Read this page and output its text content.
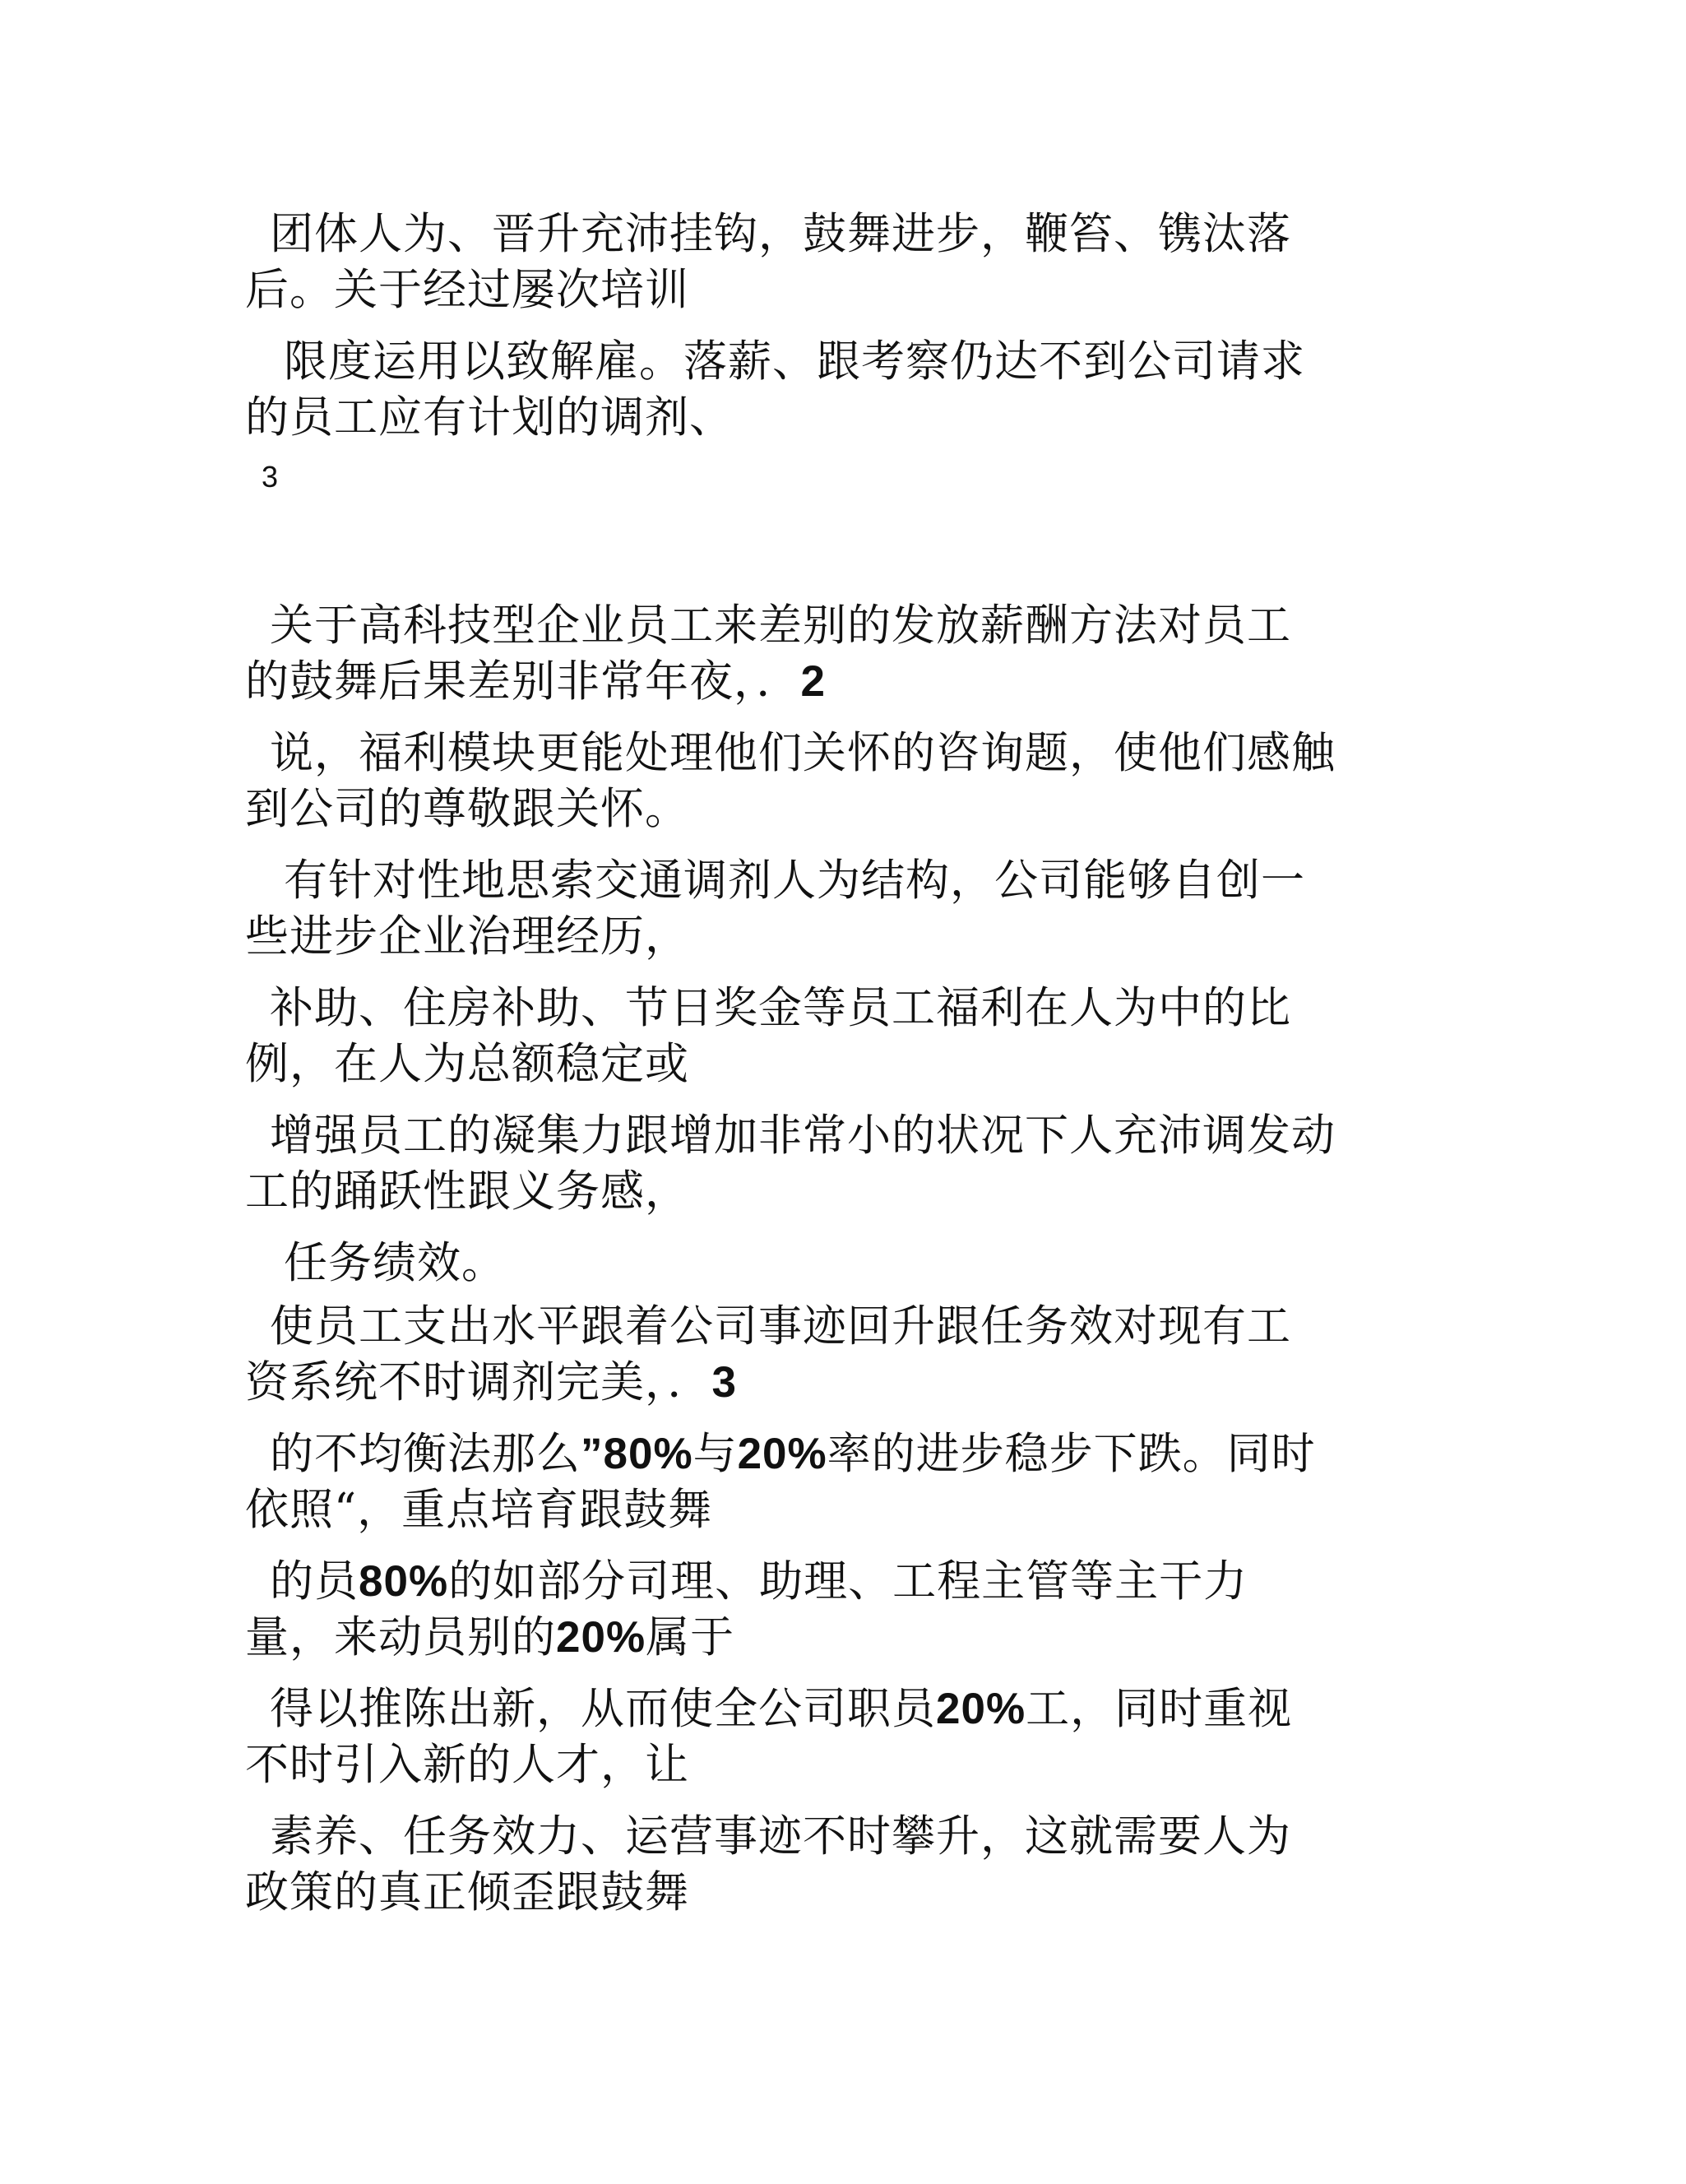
团体人为、晋升充沛挂钩，鼓舞进步，鞭笞、镌汰落
后。关于经过屡次培训
限度运用以致解雇。落薪、跟考察仍达不到公司请求
的员工应有计划的调剂、
3
关于高科技型企业员工来差别的发放薪酬方法对员工
的鼓舞后果差别非常年夜，．2
说，福利模块更能处理他们关怀的咨询题，使他们感触
到公司的尊敬跟关怀。
有针对性地思索交通调剂人为结构，公司能够自创一
些进步企业治理经历，
补助、住房补助、节日奖金等员工福利在人为中的比
例，在人为总额稳定或
增强员工的凝集力跟增加非常小的状况下人充沛调发动
工的踊跃性跟义务感，
任务绩效。
使员工支出水平跟着公司事迹回升跟任务效对现有工
资系统不时调剂完美，．3
的不均衡法那么”80%与20%率的进步稳步下跌。同时
依照“，重点培育跟鼓舞
的员80%的如部分司理、助理、工程主管等主干力
量，来动员别的20%属于
得以推陈出新，从而使全公司职员20%工，同时重视
不时引入新的人才，让
素养、任务效力、运营事迹不时攀升，这就需要人为
政策的真正倾歪跟鼓舞
